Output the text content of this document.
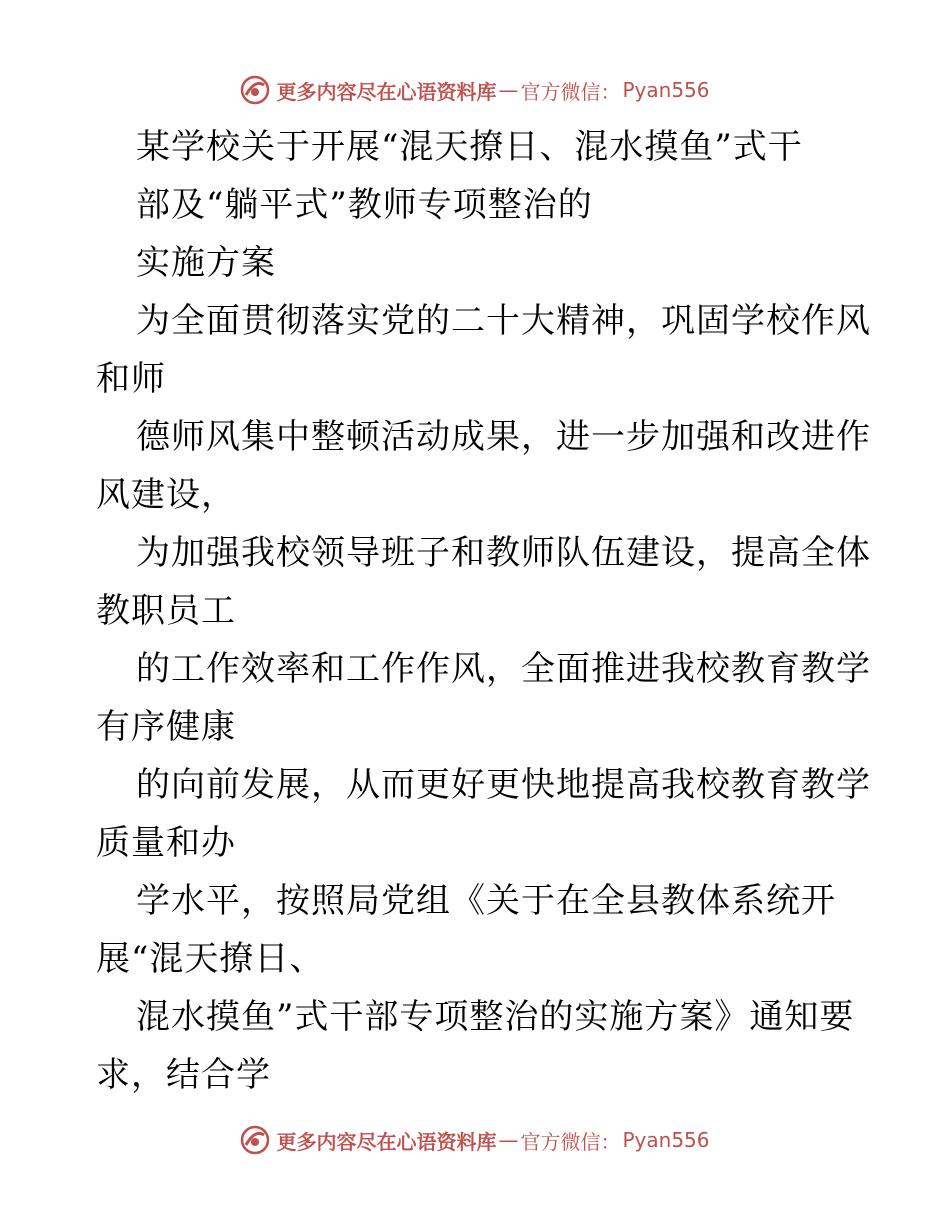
更多内容尽在心语资料库 — 官方微信： Pyan556
某学校关于开展“混天撩日、混水摸鱼”式干
部及“躺平式”教师专项整治的
实施方案
为全面贯彻落实党的二十大精神，巩固学校作风
和师
德师风集中整顿活动成果，进一步加强和改进作
风建设，
为加强我校领导班子和教师队伍建设，提高全体
教职员工
的工作效率和工作作风，全面推进我校教育教学
有序健康
的向前发展，从而更好更快地提高我校教育教学
质量和办
学水平，按照局党组《关于在全县教体系统开
展“混天撩日、
混水摸鱼”式干部专项整治的实施方案》通知要
求，结合学
更多内容尽在心语资料库 — 官方微信： Pyan556
